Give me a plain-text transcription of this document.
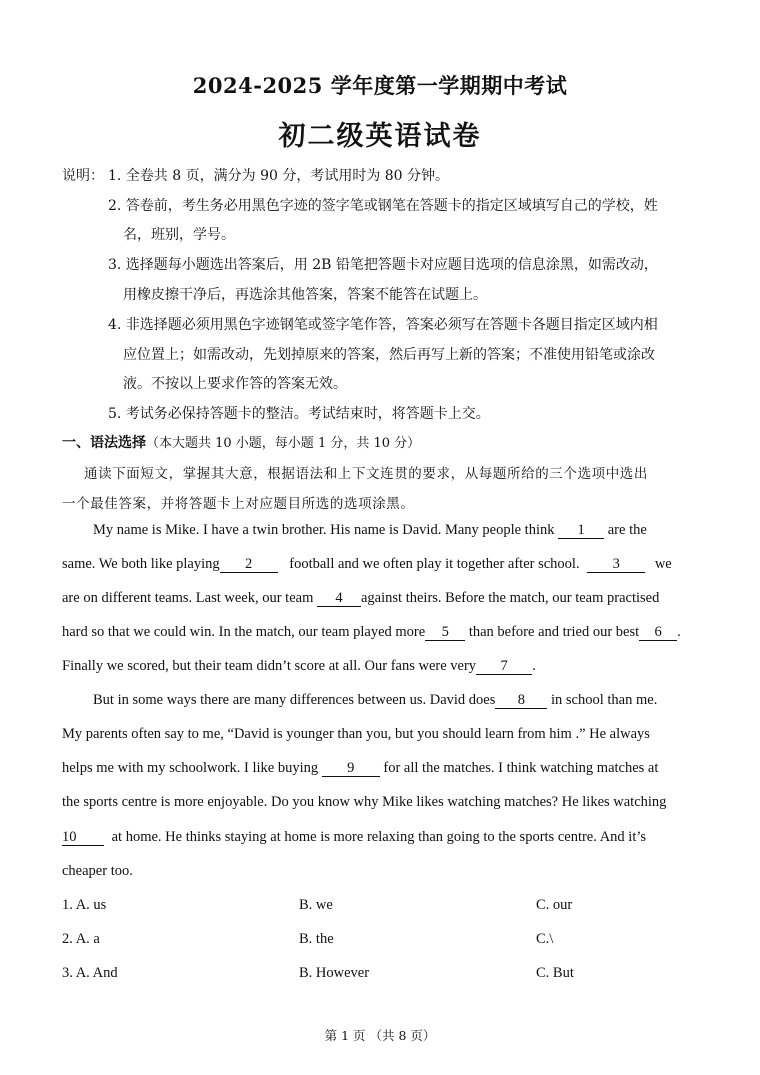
2024-2025 学年度第一学期期中考试
初二级英语试卷
说明： 1. 全卷共 8 页，满分为 90 分，考试用时为 80 分钟。
2. 答卷前，考生务必用黑色字迹的签字笔或钢笔在答题卡的指定区域填写自己的学校，姓
名，班别，学号。
3. 选择题每小题选出答案后，用 2B 铅笔把答题卡对应题目选项的信息涂黑，如需改动，
用橡皮擦干净后，再选涂其他答案，答案不能答在试题上。
4. 非选择题必须用黑色字迹钢笔或签字笔作答，答案必须写在答题卡各题目指定区域内相
应位置上；如需改动，先划掉原来的答案，然后再写上新的答案；不准使用铅笔或涂改
液。不按以上要求作答的答案无效。
5. 考试务必保持答题卡的整洁。考试结束时，将答题卡上交。
一、语法选择（本大题共 10 小题，每小题 1 分，共 10 分）
通读下面短文，掌握其大意，根据语法和上下文连贯的要求，从每题所给的三个选项中选出
一个最佳答案，并将答题卡上对应题目所选的选项涂黑。
My name is Mike. I have a twin brother. His name is David. Many people think 1 are the
same. We both like playing 2	football and we often play it together after school. 3 we
are on different teams. Last week, our team 4 against theirs. Before the match, our team practised
hard so that we could win. In the match, our team played more 5 than before and tried our best 6 .
Finally we scored, but their team didn’t score at all. Our fans were very 7 .
But in some ways there are many differences between us. David does 8 in school than me.
My parents often say to me, “David is younger than you, but you should learn from him .” He always
helps me with my schoolwork. I like buying 9 for all the matches. I think watching matches at
the sports centre is more enjoyable. Do you know why Mike likes watching matches? He likes watching
10 at home. He thinks staying at home is more relaxing than going to the sports centre. And it’s
cheaper too.
1. A. us	B. we	C. our
2. A. a	B. the	C.\
3. A. And	B. However	C. But
第 1 页 （共 8 页）
